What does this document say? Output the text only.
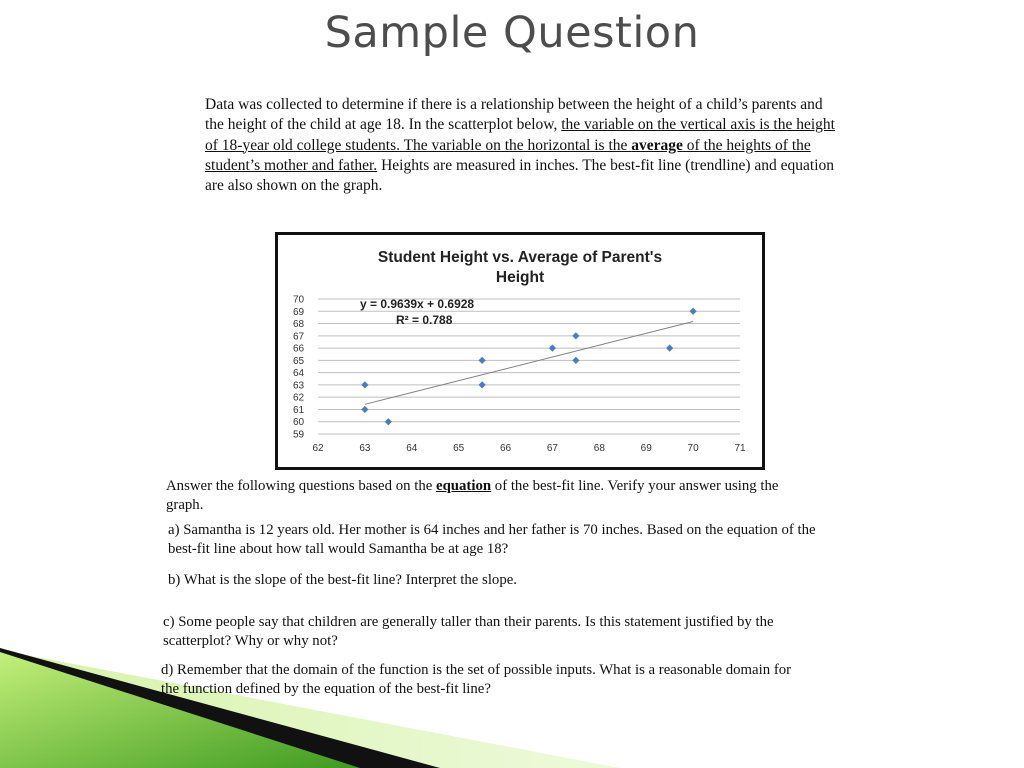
Sample Question
Data was collected to determine if there is a relationship between the height of a child’s parents and the height of the child at age 18. In the scatterplot below, the variable on the vertical axis is the height of 18-year old college students. The variable on the horizontal is the average of the heights of the student’s mother and father. Heights are measured in inches. The best-fit line (trendline) and equation are also shown on the graph.
59
60
61
62
63
64
65
66
67
68
69
70
62	63	64	65	66	67	68	69	70	71
Student Height vs. Average of Parent's
Height
y = 0.9639x + 0.6928
R² = 0.788
Answer the following questions based on the equation of the best-fit line. Verify your answer using the graph.
a) Samantha is 12 years old. Her mother is 64 inches and her father is 70 inches. Based on the equation of the best-fit line about how tall would Samantha be at age 18?
b) What is the slope of the best-fit line? Interpret the slope.
c) Some people say that children are generally taller than their parents. Is this statement justified by the scatterplot? Why or why not?
d) Remember that the domain of the function is the set of possible inputs. What is a reasonable domain for the function defined by the equation of the best-fit line?
